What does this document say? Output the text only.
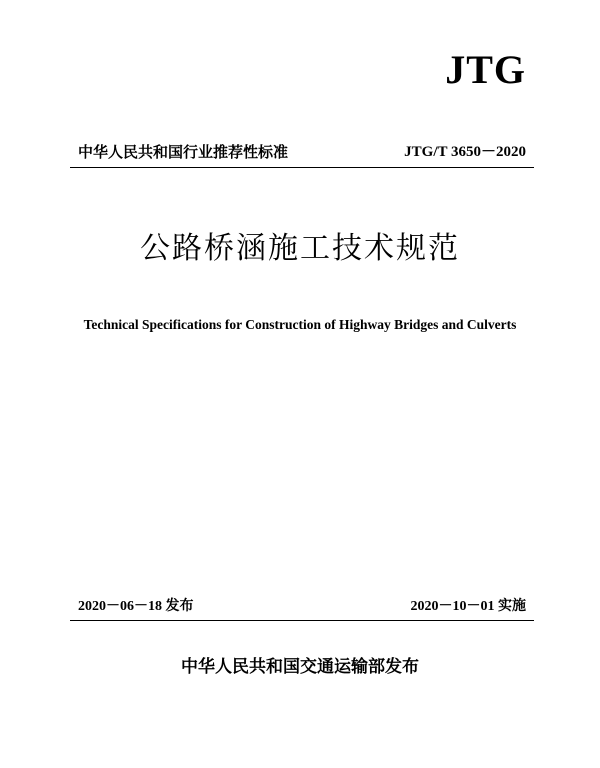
JTG
中华人民共和国行业推荐性标准	JTG/T 3650－2020
公路桥涵施工技术规范
Technical Specifications for Construction of Highway Bridges and Culverts
2020－06－18 发布	2020－10－01 实施
中华人民共和国交通运输部发布
